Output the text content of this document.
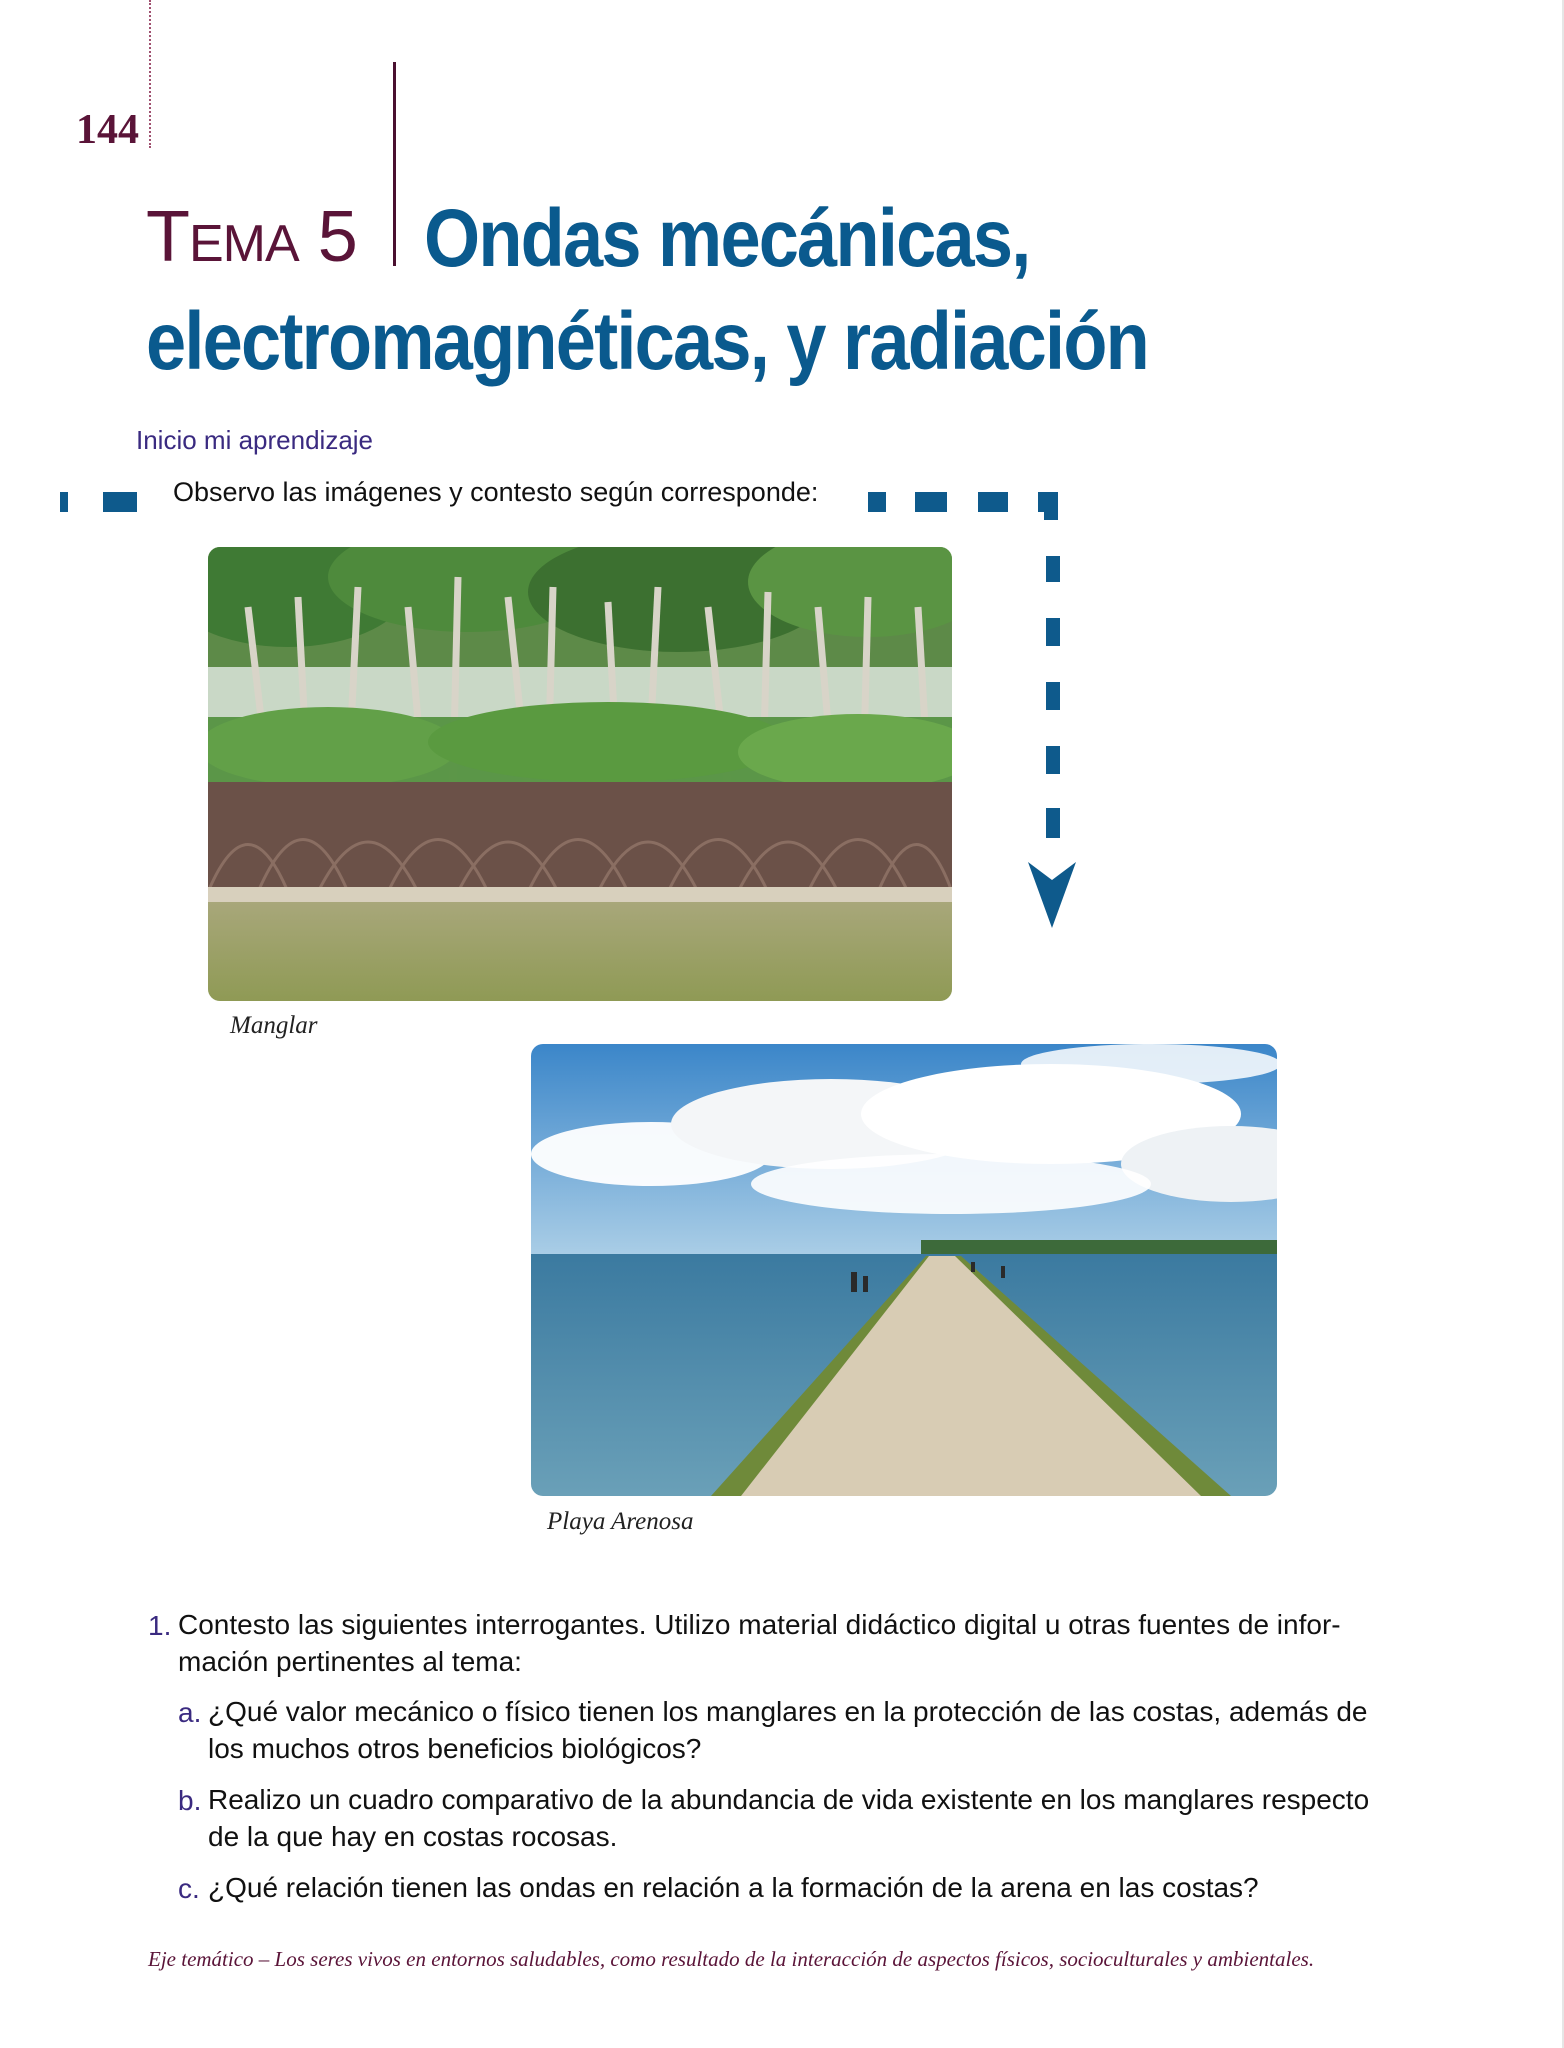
144
TEMA 5 Ondas mecánicas,
electromagnéticas, y radiación
Inicio mi aprendizaje
Observo las imágenes y contesto según corresponde:
Manglar
Playa Arenosa
1. Contesto las siguientes interrogantes. Utilizo material didáctico digital u otras fuentes de infor-
mación pertinentes al tema:
a. ¿Qué valor mecánico o físico tienen los manglares en la protección de las costas, además de
los muchos otros beneficios biológicos?
b. Realizo un cuadro comparativo de la abundancia de vida existente en los manglares respecto
de la que hay en costas rocosas.
c. ¿Qué relación tienen las ondas en relación a la formación de la arena en las costas?
Eje temático – Los seres vivos en entornos saludables, como resultado de la interacción de aspectos físicos, socioculturales y ambientales.
